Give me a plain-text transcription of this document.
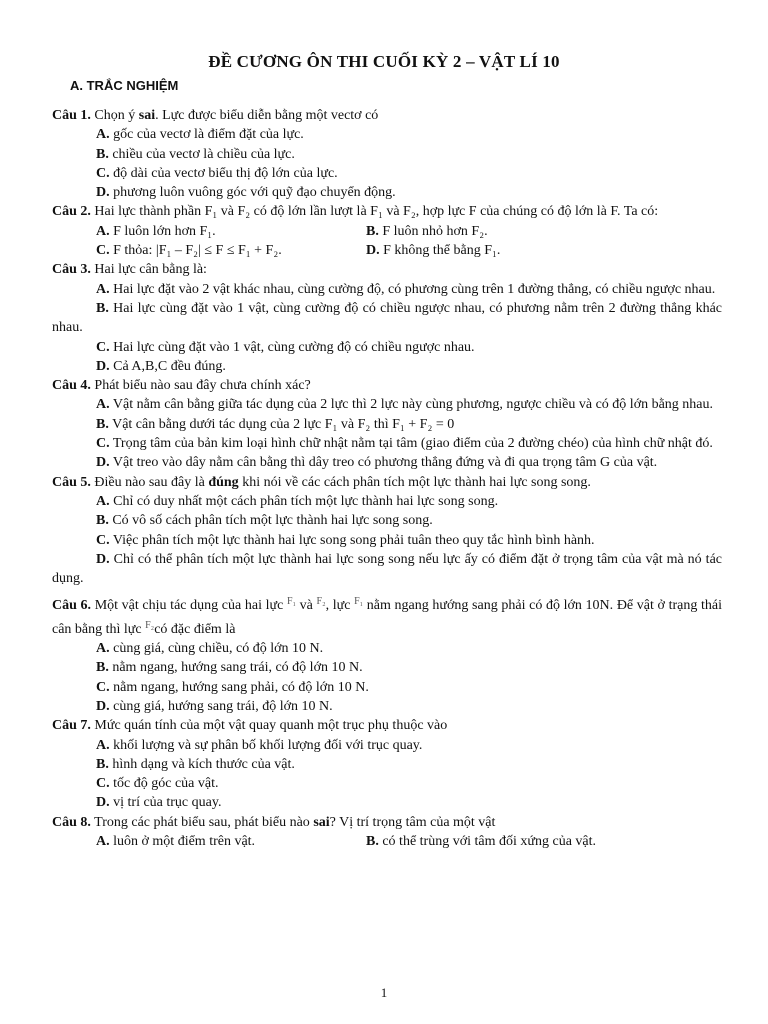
ĐỀ CƯƠNG ÔN THI CUỐI KỲ 2 – VẬT LÍ 10
A. TRẮC NGHIỆM

Câu 1. Chọn ý sai. Lực được biểu diễn bằng một vectơ có

A. gốc của vectơ là điểm đặt của lực.

B. chiều của vectơ là chiều của lực.

C. độ dài của vectơ biểu thị độ lớn của lực.

D. phương luôn vuông góc với quỹ đạo chuyển động.

Câu 2. Hai lực thành phần F₁ và F₂ có độ lớn lần lượt là F₁ và F₂, hợp lực F của chúng có độ lớn là F. Ta có:

A. F luôn lớn hơn F₁.	B. F luôn nhỏ hơn F₂.
C. F thỏa: |F₁ – F₂| ≤ F ≤ F₁ + F₂.	D. F không thể bằng F₁.

Câu 3. Hai lực cân bằng là:

A. Hai lực đặt vào 2 vật khác nhau, cùng cường độ, có phương cùng trên 1 đường thẳng, có chiều ngược nhau.

B. Hai lực cùng đặt vào 1 vật, cùng cường độ có chiều ngược nhau, có phương nằm trên 2 đường thẳng khác nhau.

C. Hai lực cùng đặt vào 1 vật, cùng cường độ có chiều ngược nhau.

D. Cả A,B,C đều đúng.

Câu 4. Phát biểu nào sau đây chưa chính xác?

A. Vật nằm cân bằng giữa tác dụng của 2 lực thì 2 lực này cùng phương, ngược chiều và có độ lớn bằng nhau.

B. Vật cân bằng dưới tác dụng của 2 lực F₁ và F₂ thì F₁ + F₂ = 0

C. Trọng tâm của bản kim loại hình chữ nhật nằm tại tâm (giao điểm của 2 đường chéo) của hình chữ nhật đó.

D. Vật treo vào dây nằm cân bằng thì dây treo có phương thẳng đứng và đi qua trọng tâm G của vật.

Câu 5. Điều nào sau đây là đúng khi nói về các cách phân tích một lực thành hai lực song song.

A. Chỉ có duy nhất một cách phân tích một lực thành hai lực song song.

B. Có vô số cách phân tích một lực thành hai lực song song.

C. Việc phân tích một lực thành hai lực song song phải tuân theo quy tắc hình bình hành.

D. Chỉ có thể phân tích một lực thành hai lực song song nếu lực ấy có điểm đặt ở trọng tâm của vật mà nó tác dụng.

Câu 6. Một vật chịu tác dụng của hai lực $^{F_1}$ và $^{F_2}$, lực $^{F_1}$ nằm ngang hướng sang phải có độ lớn 10N. Để vật ở trạng thái cân bằng thì lực $^{F_2}$có đặc điểm là

A. cùng giá, cùng chiều, có độ lớn 10 N.

B. nằm ngang, hướng sang trái, có độ lớn 10 N.

C. nằm ngang, hướng sang phải, có độ lớn 10 N.

D. cùng giá, hướng sang trái, độ lớn 10 N.

Câu 7. Mức quán tính của một vật quay quanh một trục phụ thuộc vào

A. khối lượng và sự phân bố khối lượng đối với trục quay.

B. hình dạng và kích thước của vật.

C. tốc độ góc của vật.

D. vị trí của trục quay.

Câu 8. Trong các phát biểu sau, phát biểu nào sai? Vị trí trọng tâm của một vật

A. luôn ở một điểm trên vật.	B. có thể trùng với tâm đối xứng của vật.
1
